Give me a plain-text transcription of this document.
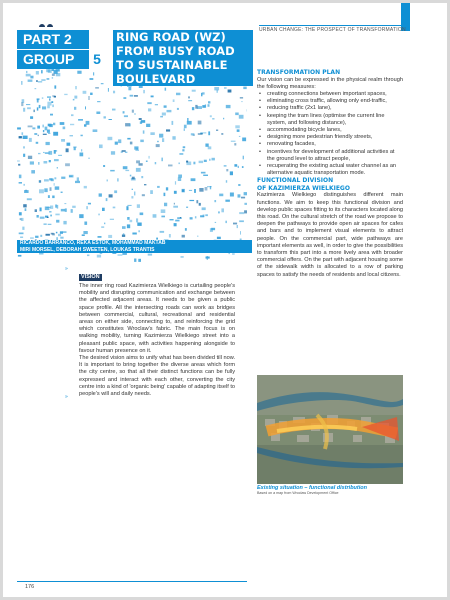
PART 2
GROUP	5
RING ROAD (WZ)
FROM BUSY ROAD
TO SUSTAINABLE
BOULEVARD
RICARDO BARRANCO, REKA ESTOK, MOHAMMAD MAKTAB
MIRI MORSEL, DEBORAH SWEETEN, LOUKAS TRANTIS
URBAN CHANGE: THE PROSPECT OF TRANSFORMATION

TRANSFORMATION PLAN

Our vision can be expressed in the physical realm through the following measures:

• creating connections between important spaces,
• eliminating cross traffic, allowing only end-traffic,
• reducing traffic (2x1 lane),
• keeping the tram lines (optimise the current line system, and following distance),
• accommodating bicycle lanes,
• designing more pedestrian friendly streets,
• renovating facades,
• incentives for development of additional activities at the ground level to attract people,
• recuperating the existing actual water channel as an alternative aquatic transportation mode.

FUNCTIONAL DIVISION

OF KAZIMIERZA WIELKIEGO

Kazimierza Wielkiego distinguishes different main functions. We aim to keep this functional division and develop public spaces fitting to its characters located along this road. On the cultural stretch of the road we propose to deepen the pathways to provide open air spaces for cafes and bars and to implement visual elements to attract people. On the commercial part, wide pathways are important elements as well, in order to give the possibilities to transform this part into a more lively area with broader commercial offers. On the part with adjacent housing some of the sidewalk width is allocated to a row of parking spaces to satisfy the needs of residents and local citizens.

»
»
VISION

The inner ring road Kazimierza Wielkiego is curtailing people's mobility and disrupting communication and exchange between the affected adjacent areas. It needs to be given a public space profile. All the intersecting roads can work as bridges between commercial, cultural, recreational and residential areas on either side, connecting to, and reinforcing the grid which constitutes Wroclaw's fabric. The main focus is on walking mobility, turning Kazimierza Wielkiego street into a pleasant public space, with activities happening alongside to favour human presence on it.

The desired vision aims to unify what has been divided till now. It is important to bring together the diverse areas which form the city centre, so that all their distinct functions can be fully expressed and interact with each other, converting the city centre into a kind of 'organic being' capable of adapting itself to people's will and daily needs.

Existing situation – functional distribution

Based on a map from Wroclaw Development Office

176
